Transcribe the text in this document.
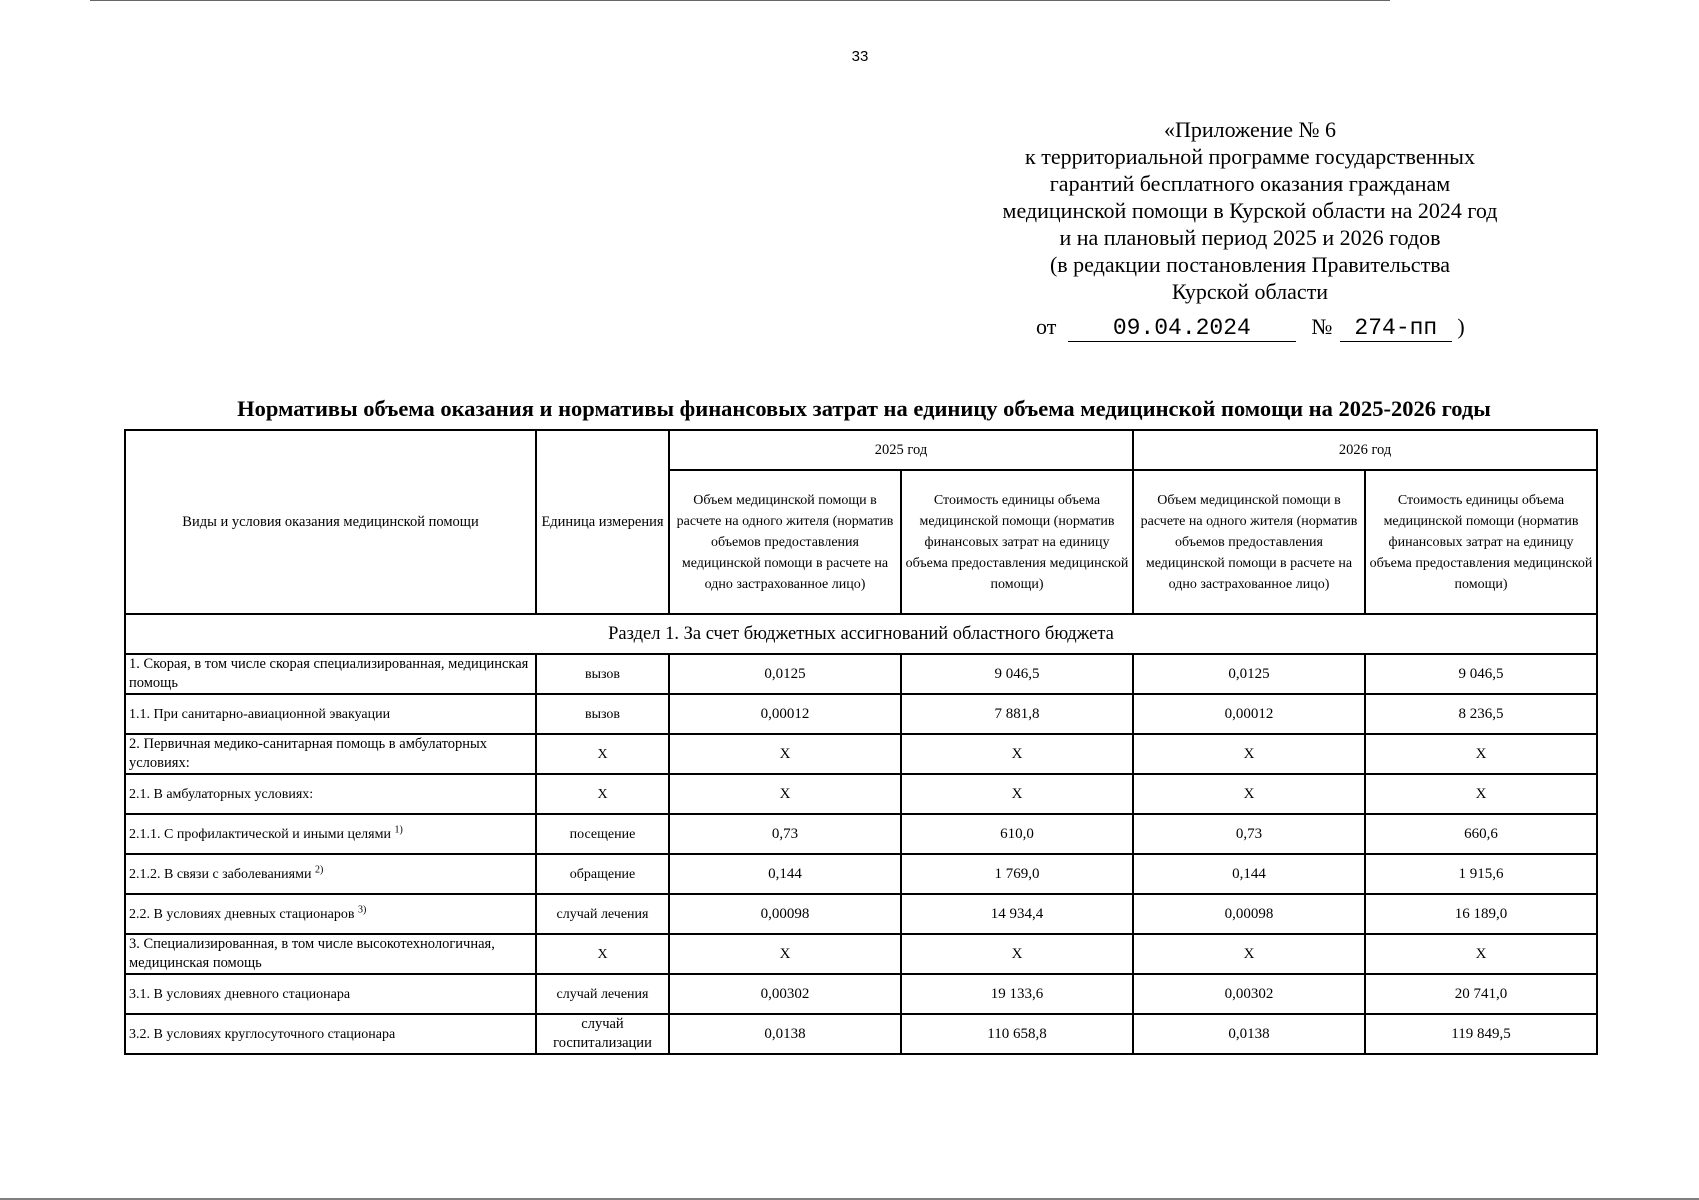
33
«Приложение № 6
к территориальной программе государственных
гарантий бесплатного оказания гражданам
медицинской помощи в Курской области на 2024 год
и на плановый период 2025 и 2026 годов
(в редакции постановления Правительства
Курской области
от 09.04.2024	№ 274-пп )
Нормативы объема оказания и нормативы финансовых затрат на единицу объема медицинской помощи на 2025-2026 годы
Виды и условия оказания медицинской помощи	Единица измерения	2025 год		2026 год	
		Объем медицинской помощи в расчете на одного жителя (норматив объемов предоставления медицинской помощи в расчете на одно застрахованное лицо)	Стоимость единицы объема медицинской помощи (норматив финансовых затрат на единицу объема предоставления медицинской помощи)	Объем медицинской помощи в расчете на одного жителя (норматив объемов предоставления медицинской помощи в расчете на одно застрахованное лицо)	Стоимость единицы объема медицинской помощи (норматив финансовых затрат на единицу объема предоставления медицинской помощи)
Раздел 1. За счет бюджетных ассигнований областного бюджета					
1. Скорая, в том числе скорая специализированная, медицинская помощь	вызов	0,0125	9 046,5	0,0125	9 046,5
1.1. При санитарно-авиационной эвакуации	вызов	0,00012	7 881,8	0,00012	8 236,5
2. Первичная медико-санитарная помощь в амбулаторных условиях:	Х	Х	Х	Х	Х
2.1. В амбулаторных условиях:	Х	Х	Х	Х	Х
2.1.1. С профилактической и иными целями $^{1)}$	посещение	0,73	610,0	0,73	660,6
2.1.2. В связи с заболеваниями $^{2)}$	обращение	0,144	1 769,0	0,144	1 915,6
2.2. В условиях дневных стационаров $^{3)}$	случай лечения	0,00098	14 934,4	0,00098	16 189,0
3. Специализированная, в том числе высокотехнологичная, медицинская помощь	Х	Х	Х	Х	Х
3.1. В условиях дневного стационара	случай лечения	0,00302	19 133,6	0,00302	20 741,0
3.2. В условиях круглосуточного стационара	случай госпитализации	0,0138	110 658,8	0,0138	119 849,5
